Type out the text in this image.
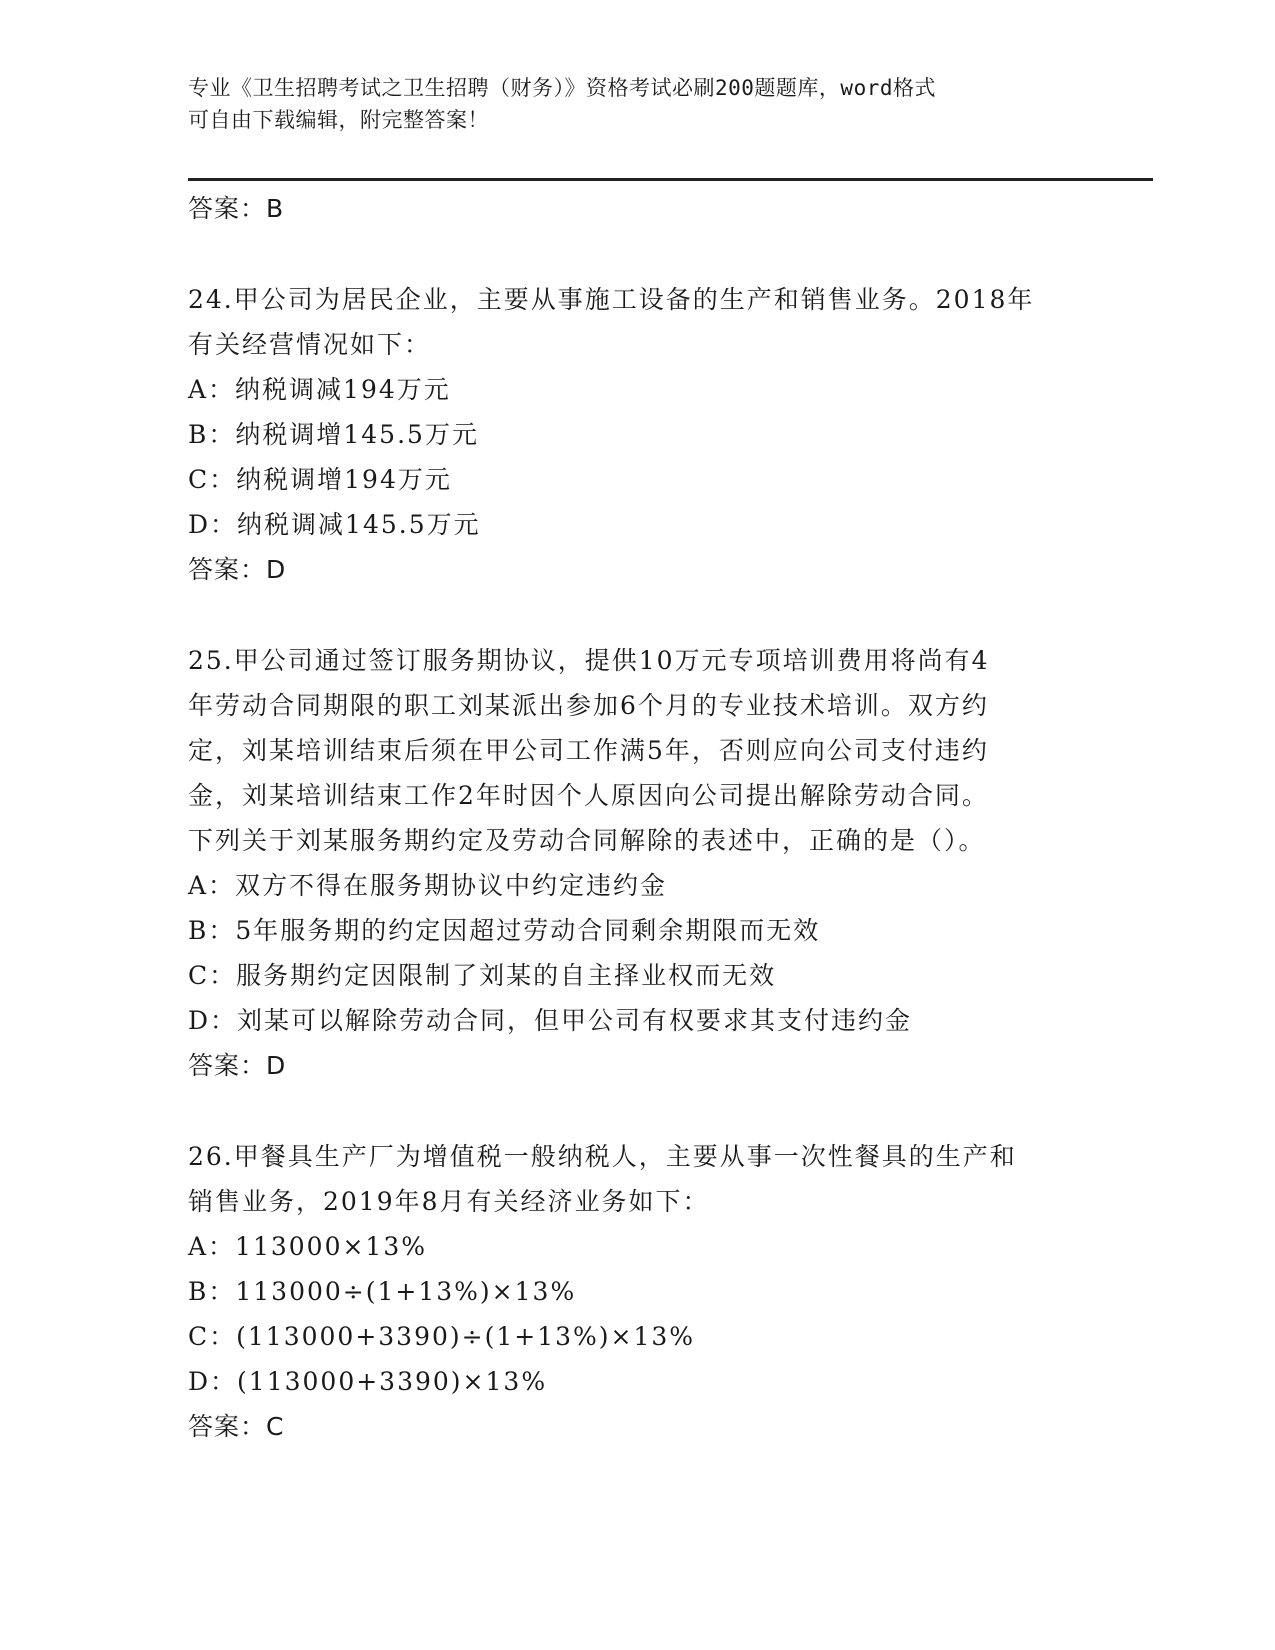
专业《卫生招聘考试之卫生招聘（财务）》资格考试必刷200题题库，word格式
可自由下载编辑，附完整答案！
答案：B
24.甲公司为居民企业，主要从事施工设备的生产和销售业务。2018年
有关经营情况如下：
A：纳税调减194万元
B：纳税调增145.5万元
C：纳税调增194万元
D：纳税调减145.5万元
答案：D
25.甲公司通过签订服务期协议，提供10万元专项培训费用将尚有4
年劳动合同期限的职工刘某派出参加6个月的专业技术培训。双方约
定，刘某培训结束后须在甲公司工作满5年，否则应向公司支付违约
金，刘某培训结束工作2年时因个人原因向公司提出解除劳动合同。
下列关于刘某服务期约定及劳动合同解除的表述中，正确的是（）。
A：双方不得在服务期协议中约定违约金
B：5年服务期的约定因超过劳动合同剩余期限而无效
C：服务期约定因限制了刘某的自主择业权而无效
D：刘某可以解除劳动合同，但甲公司有权要求其支付违约金
答案：D
26.甲餐具生产厂为增值税一般纳税人，主要从事一次性餐具的生产和
销售业务，2019年8月有关经济业务如下：
A：113000×13%
B：113000÷(1+13%)×13%
C：(113000+3390)÷(1+13%)×13%
D：(113000+3390)×13%
答案：C
